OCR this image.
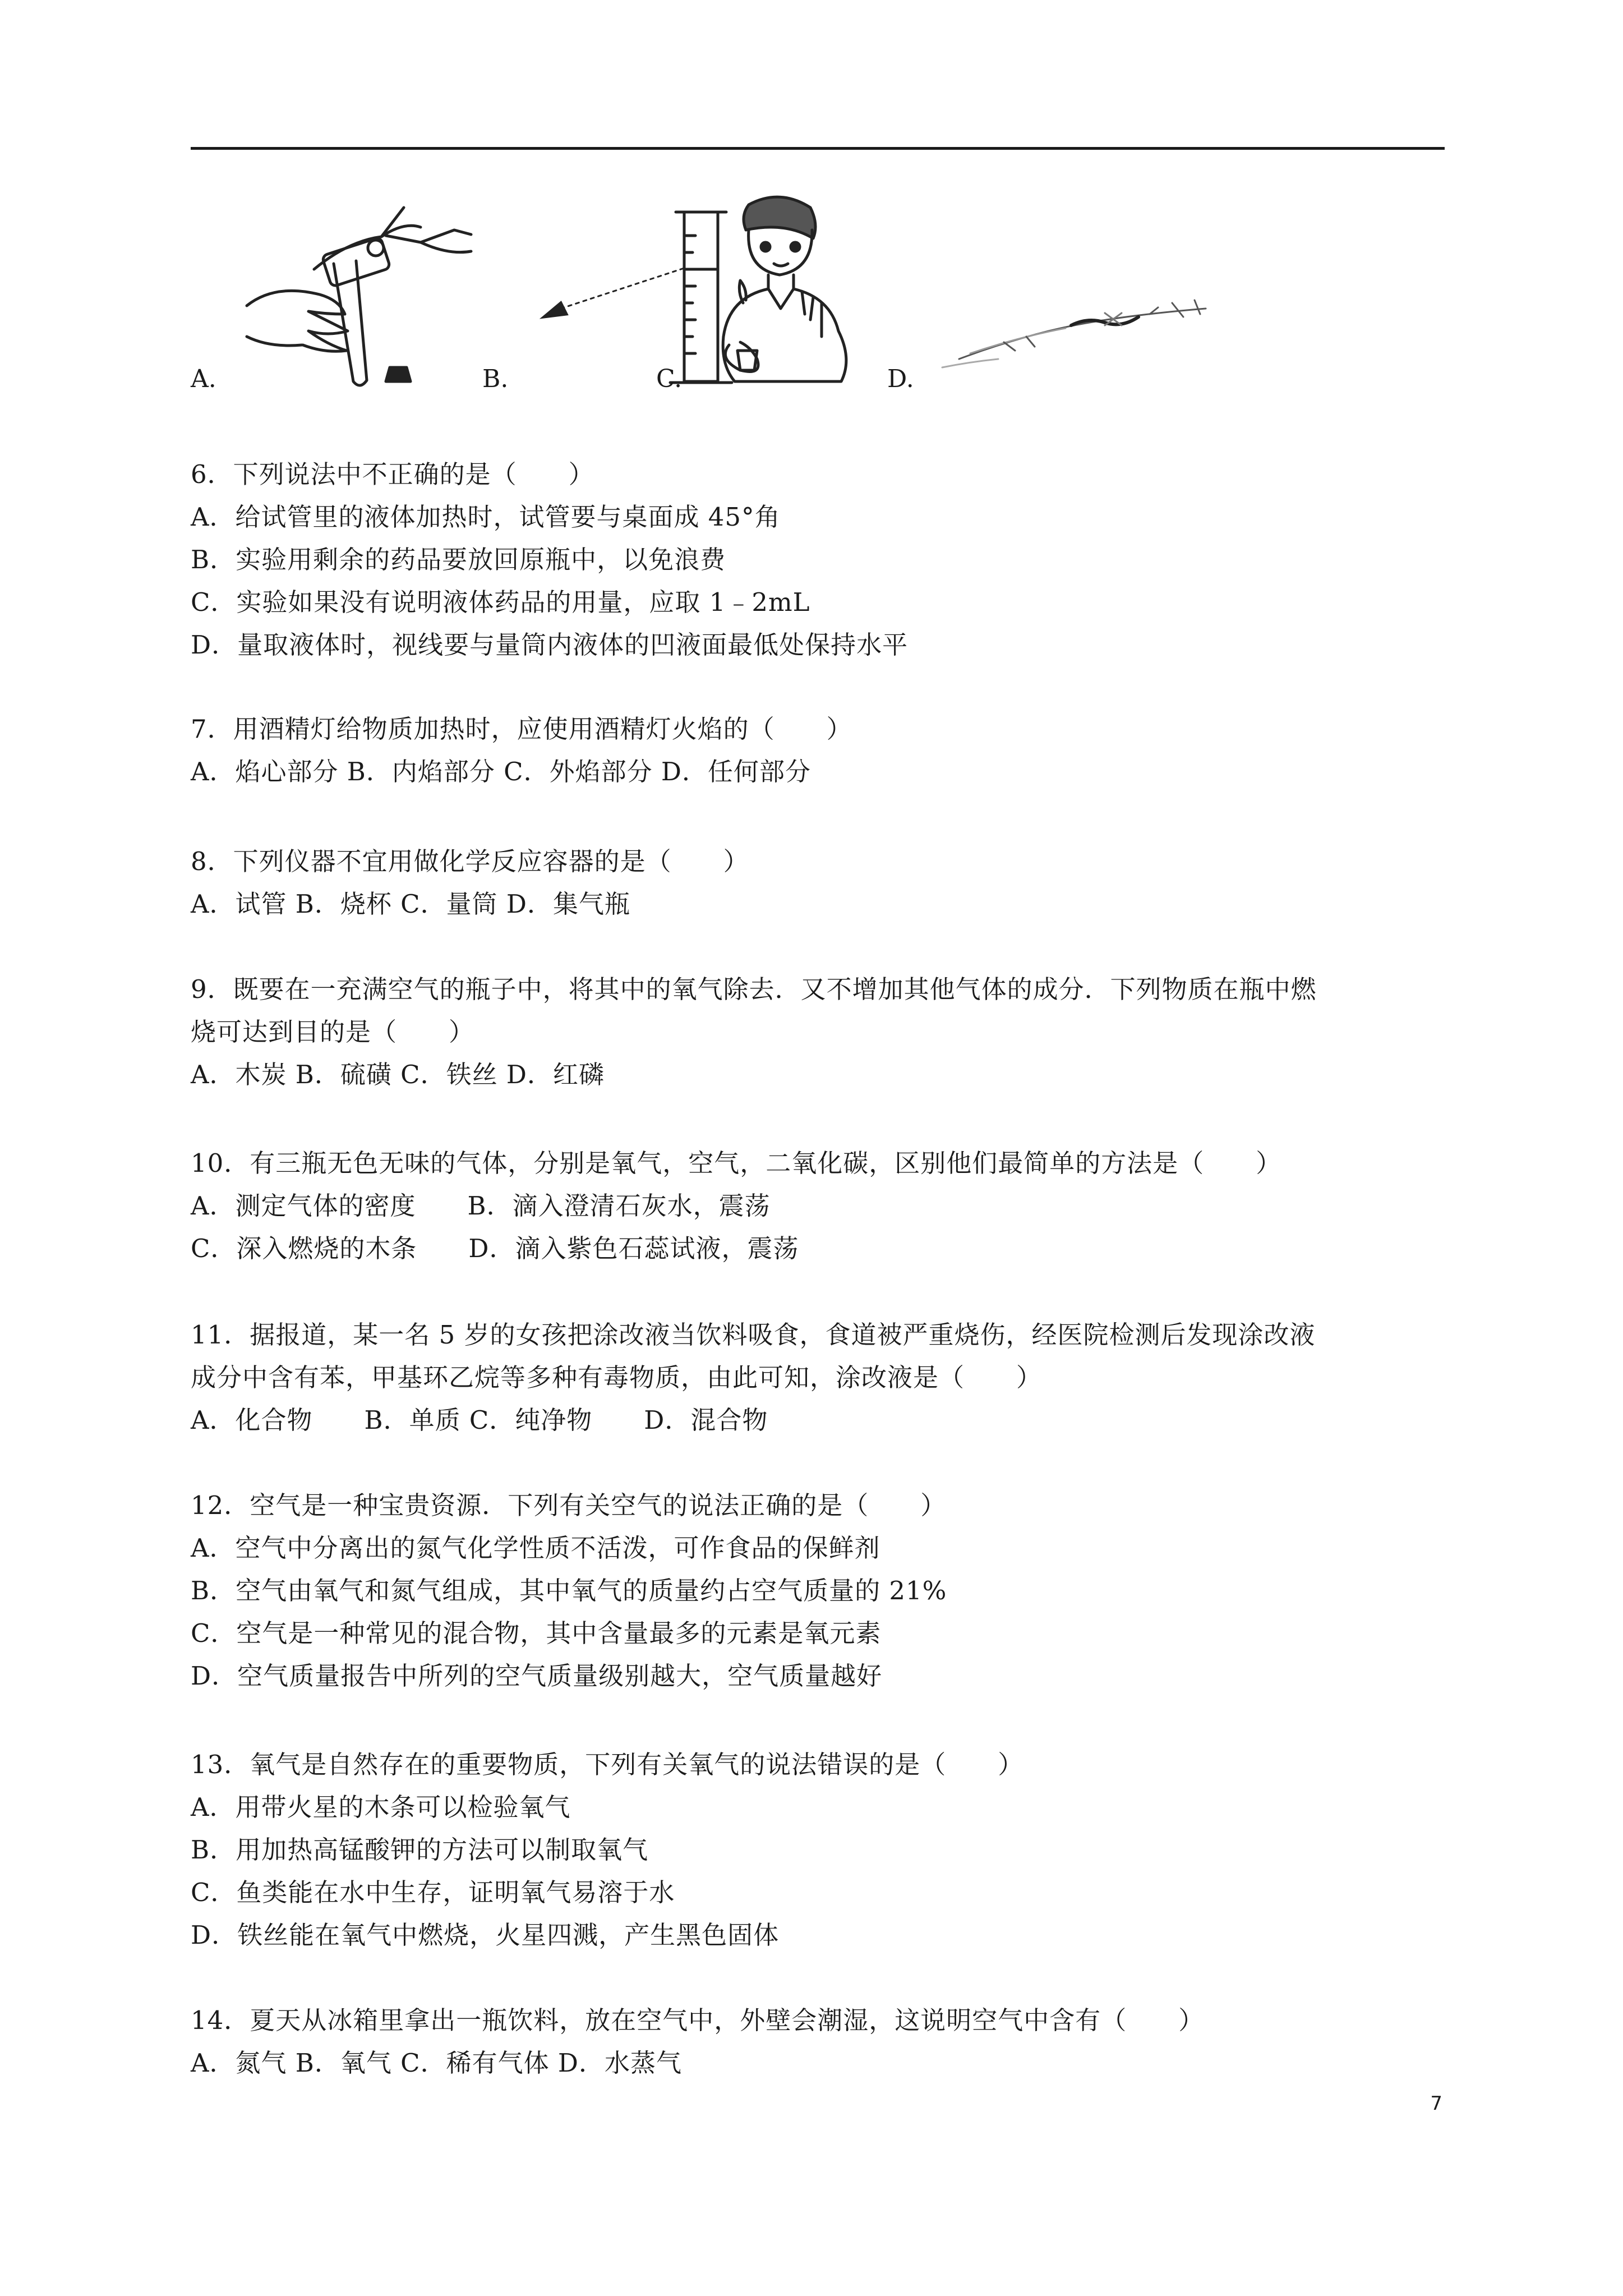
A.	B.	C.	D.
6．下列说法中不正确的是（　　）
A．给试管里的液体加热时，试管要与桌面成 45°角
B．实验用剩余的药品要放回原瓶中，以免浪费
C．实验如果没有说明液体药品的用量，应取 1﹣2mL
D．量取液体时，视线要与量筒内液体的凹液面最低处保持水平
7．用酒精灯给物质加热时，应使用酒精灯火焰的（　　）
A．焰心部分 B．内焰部分 C．外焰部分 D．任何部分
8．下列仪器不宜用做化学反应容器的是（　　）
A．试管 B．烧杯 C．量筒 D．集气瓶
9．既要在一充满空气的瓶子中，将其中的氧气除去．又不增加其他气体的成分．下列物质在瓶中燃
烧可达到目的是（　　）
A．木炭 B．硫磺 C．铁丝 D．红磷
10．有三瓶无色无味的气体，分别是氧气，空气，二氧化碳，区别他们最简单的方法是（　　）
A．测定气体的密度　　B．滴入澄清石灰水，震荡
C．深入燃烧的木条　　D．滴入紫色石蕊试液，震荡
11．据报道，某一名 5 岁的女孩把涂改液当饮料吸食，食道被严重烧伤，经医院检测后发现涂改液
成分中含有苯，甲基环乙烷等多种有毒物质，由此可知，涂改液是（　　）
A．化合物　　B．单质 C．纯净物　　D．混合物
12．空气是一种宝贵资源．下列有关空气的说法正确的是（　　）
A．空气中分离出的氮气化学性质不活泼，可作食品的保鲜剂
B．空气由氧气和氮气组成，其中氧气的质量约占空气质量的 21%
C．空气是一种常见的混合物，其中含量最多的元素是氧元素
D．空气质量报告中所列的空气质量级别越大，空气质量越好
13．氧气是自然存在的重要物质，下列有关氧气的说法错误的是（　　）
A．用带火星的木条可以检验氧气
B．用加热高锰酸钾的方法可以制取氧气
C．鱼类能在水中生存，证明氧气易溶于水
D．铁丝能在氧气中燃烧，火星四溅，产生黑色固体
14．夏天从冰箱里拿出一瓶饮料，放在空气中，外壁会潮湿，这说明空气中含有（　　）
A．氮气 B．氧气 C．稀有气体 D．水蒸气
7
